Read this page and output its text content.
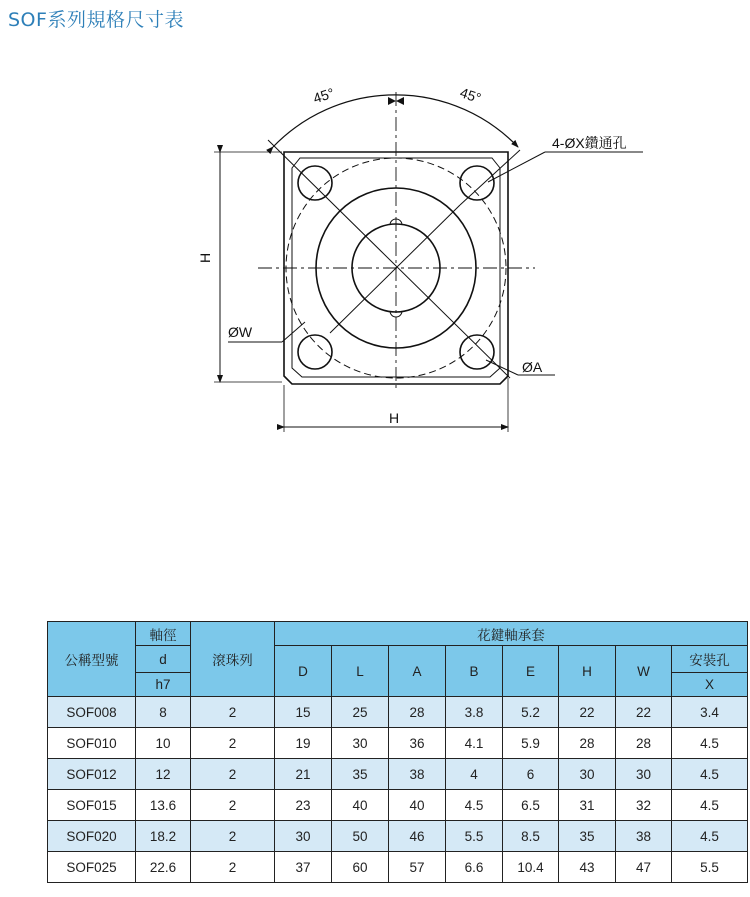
SOF系列規格尺寸表
45°	45°
4-ØX鑽通孔
H
H
ØW
ØA
公稱型號	軸徑	滾珠列	花鍵軸承套							
	d		D	L	A	B	E	H	W	安裝孔
	h7									X
SOF008	8	2	15	25	28	3.8	5.2	22	22	3.4
SOF010	10	2	19	30	36	4.1	5.9	28	28	4.5
SOF012	12	2	21	35	38	4	6	30	30	4.5
SOF015	13.6	2	23	40	40	4.5	6.5	31	32	4.5
SOF020	18.2	2	30	50	46	5.5	8.5	35	38	4.5
SOF025	22.6	2	37	60	57	6.6	10.4	43	47	5.5
